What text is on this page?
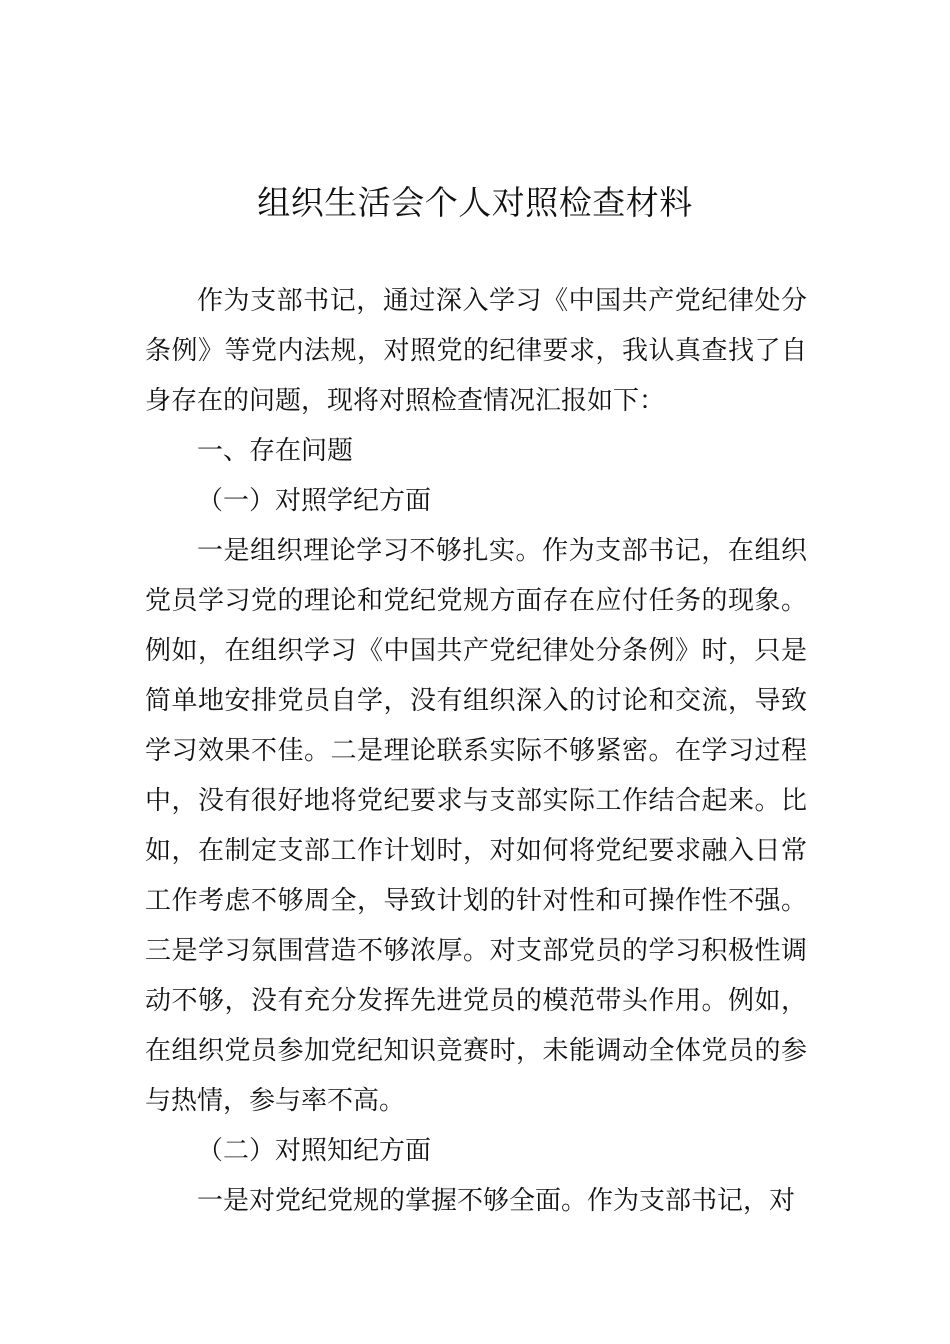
组织生活会个人对照检查材料

作为支部书记，通过深入学习《中国共产党纪律处分条例》等党内法规，对照党的纪律要求，我认真查找了自身存在的问题，现将对照检查情况汇报如下：

一、存在问题

（一）对照学纪方面

一是组织理论学习不够扎实。作为支部书记，在组织党员学习党的理论和党纪党规方面存在应付任务的现象。例如，在组织学习《中国共产党纪律处分条例》时，只是简单地安排党员自学，没有组织深入的讨论和交流，导致学习效果不佳。二是理论联系实际不够紧密。在学习过程中，没有很好地将党纪要求与支部实际工作结合起来。比如，在制定支部工作计划时，对如何将党纪要求融入日常工作考虑不够周全，导致计划的针对性和可操作性不强。三是学习氛围营造不够浓厚。对支部党员的学习积极性调动不够，没有充分发挥先进党员的模范带头作用。例如，在组织党员参加党纪知识竞赛时，未能调动全体党员的参与热情，参与率不高。

（二）对照知纪方面

一是对党纪党规的掌握不够全面。作为支部书记，对
